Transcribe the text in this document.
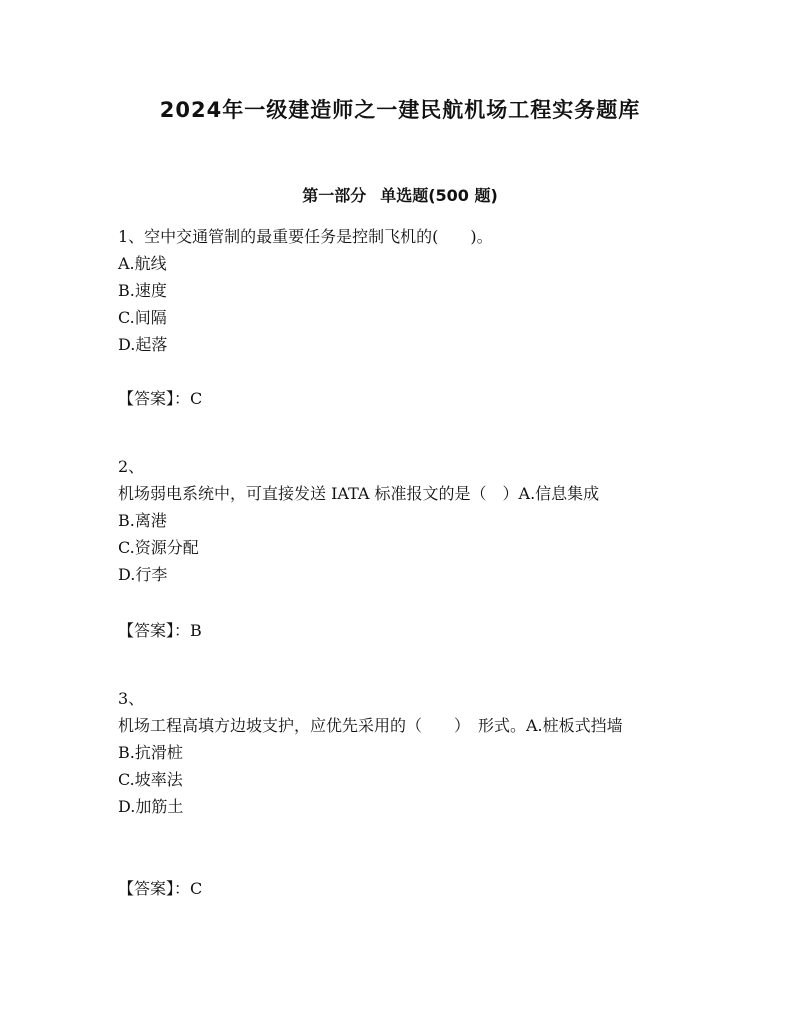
2024年一级建造师之一建民航机场工程实务题库
第一部分 单选题(500 题)
1、空中交通管制的最重要任务是控制飞机的(　　)。
A.航线
B.速度
C.间隔
D.起落
【答案】：C
2、
机场弱电系统中，可直接发送 IATA 标准报文的是（　）A.信息集成
B.离港
C.资源分配
D.行李
【答案】：B
3、
机场工程高填方边坡支护，应优先采用的（　　）　形式。A.桩板式挡墙
B.抗滑桩
C.坡率法
D.加筋土
【答案】：C
